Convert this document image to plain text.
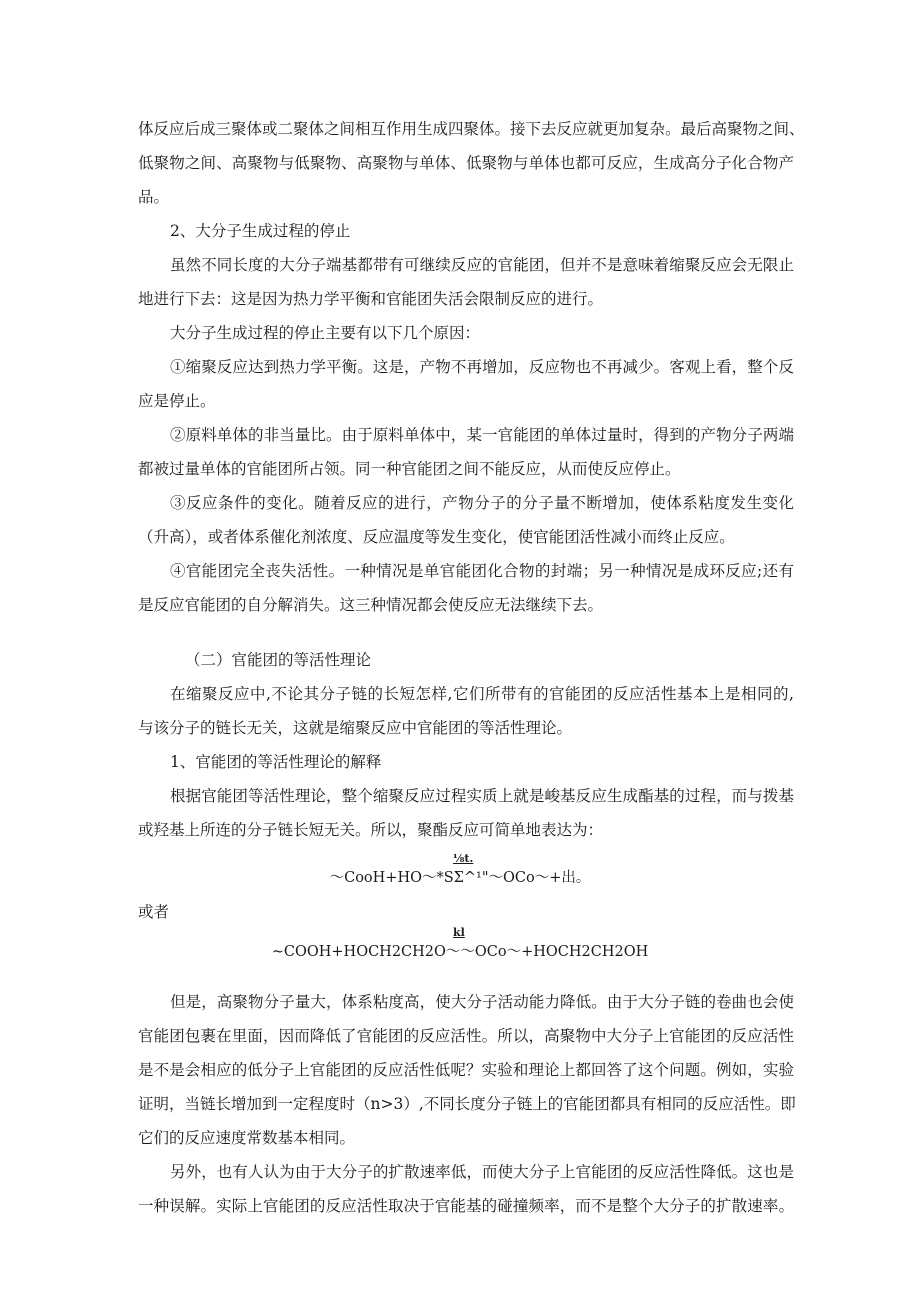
体反应后成三聚体或二聚体之间相互作用生成四聚体。接下去反应就更加复杂。最后高聚物之间、
低聚物之间、高聚物与低聚物、高聚物与单体、低聚物与单体也都可反应，生成高分子化合物产
品。
2、大分子生成过程的停止
虽然不同长度的大分子端基都带有可继续反应的官能团，但并不是意味着缩聚反应会无限止
地进行下去：这是因为热力学平衡和官能团失活会限制反应的进行。
大分子生成过程的停止主要有以下几个原因：
①缩聚反应达到热力学平衡。这是，产物不再增加，反应物也不再减少。客观上看，整个反
应是停止。
②原料单体的非当量比。由于原料单体中，某一官能团的单体过量时，得到的产物分子两端
都被过量单体的官能团所占领。同一种官能团之间不能反应，从而使反应停止。
③反应条件的变化。随着反应的进行，产物分子的分子量不断增加，使体系粘度发生变化
（升高），或者体系催化剂浓度、反应温度等发生变化，使官能团活性减小而终止反应。
④官能团完全丧失活性。一种情况是单官能团化合物的封端；另一种情况是成环反应;还有
是反应官能团的自分解消失。这三种情况都会使反应无法继续下去。
（二）官能团的等活性理论
在缩聚反应中,不论其分子链的长短怎样,它们所带有的官能团的反应活性基本上是相同的,
与该分子的链长无关，这就是缩聚反应中官能团的等活性理论。
1、官能团的等活性理论的解释
根据官能团等活性理论，整个缩聚反应过程实质上就是峻基反应生成酯基的过程，而与拨基
或羟基上所连的分子链长短无关。所以，聚酯反应可简单地表达为：
⅛t.
～CooH+HO～*SΣ^¹"～OCo～+出。
或者
kl
~COOH+HOCH2CH2O～～OCo～+HOCH2CH2OH
但是，高聚物分子量大，体系粘度高，使大分子活动能力降低。由于大分子链的卷曲也会使
官能团包裹在里面，因而降低了官能团的反应活性。所以，高聚物中大分子上官能团的反应活性
是不是会相应的低分子上官能团的反应活性低呢？实验和理论上都回答了这个问题。例如，实验
证明，当链长增加到一定程度时（n>3）,不同长度分子链上的官能团都具有相同的反应活性。即
它们的反应速度常数基本相同。
另外，也有人认为由于大分子的扩散速率低，而使大分子上官能团的反应活性降低。这也是
一种误解。实际上官能团的反应活性取决于官能基的碰撞频率，而不是整个大分子的扩散速率。
